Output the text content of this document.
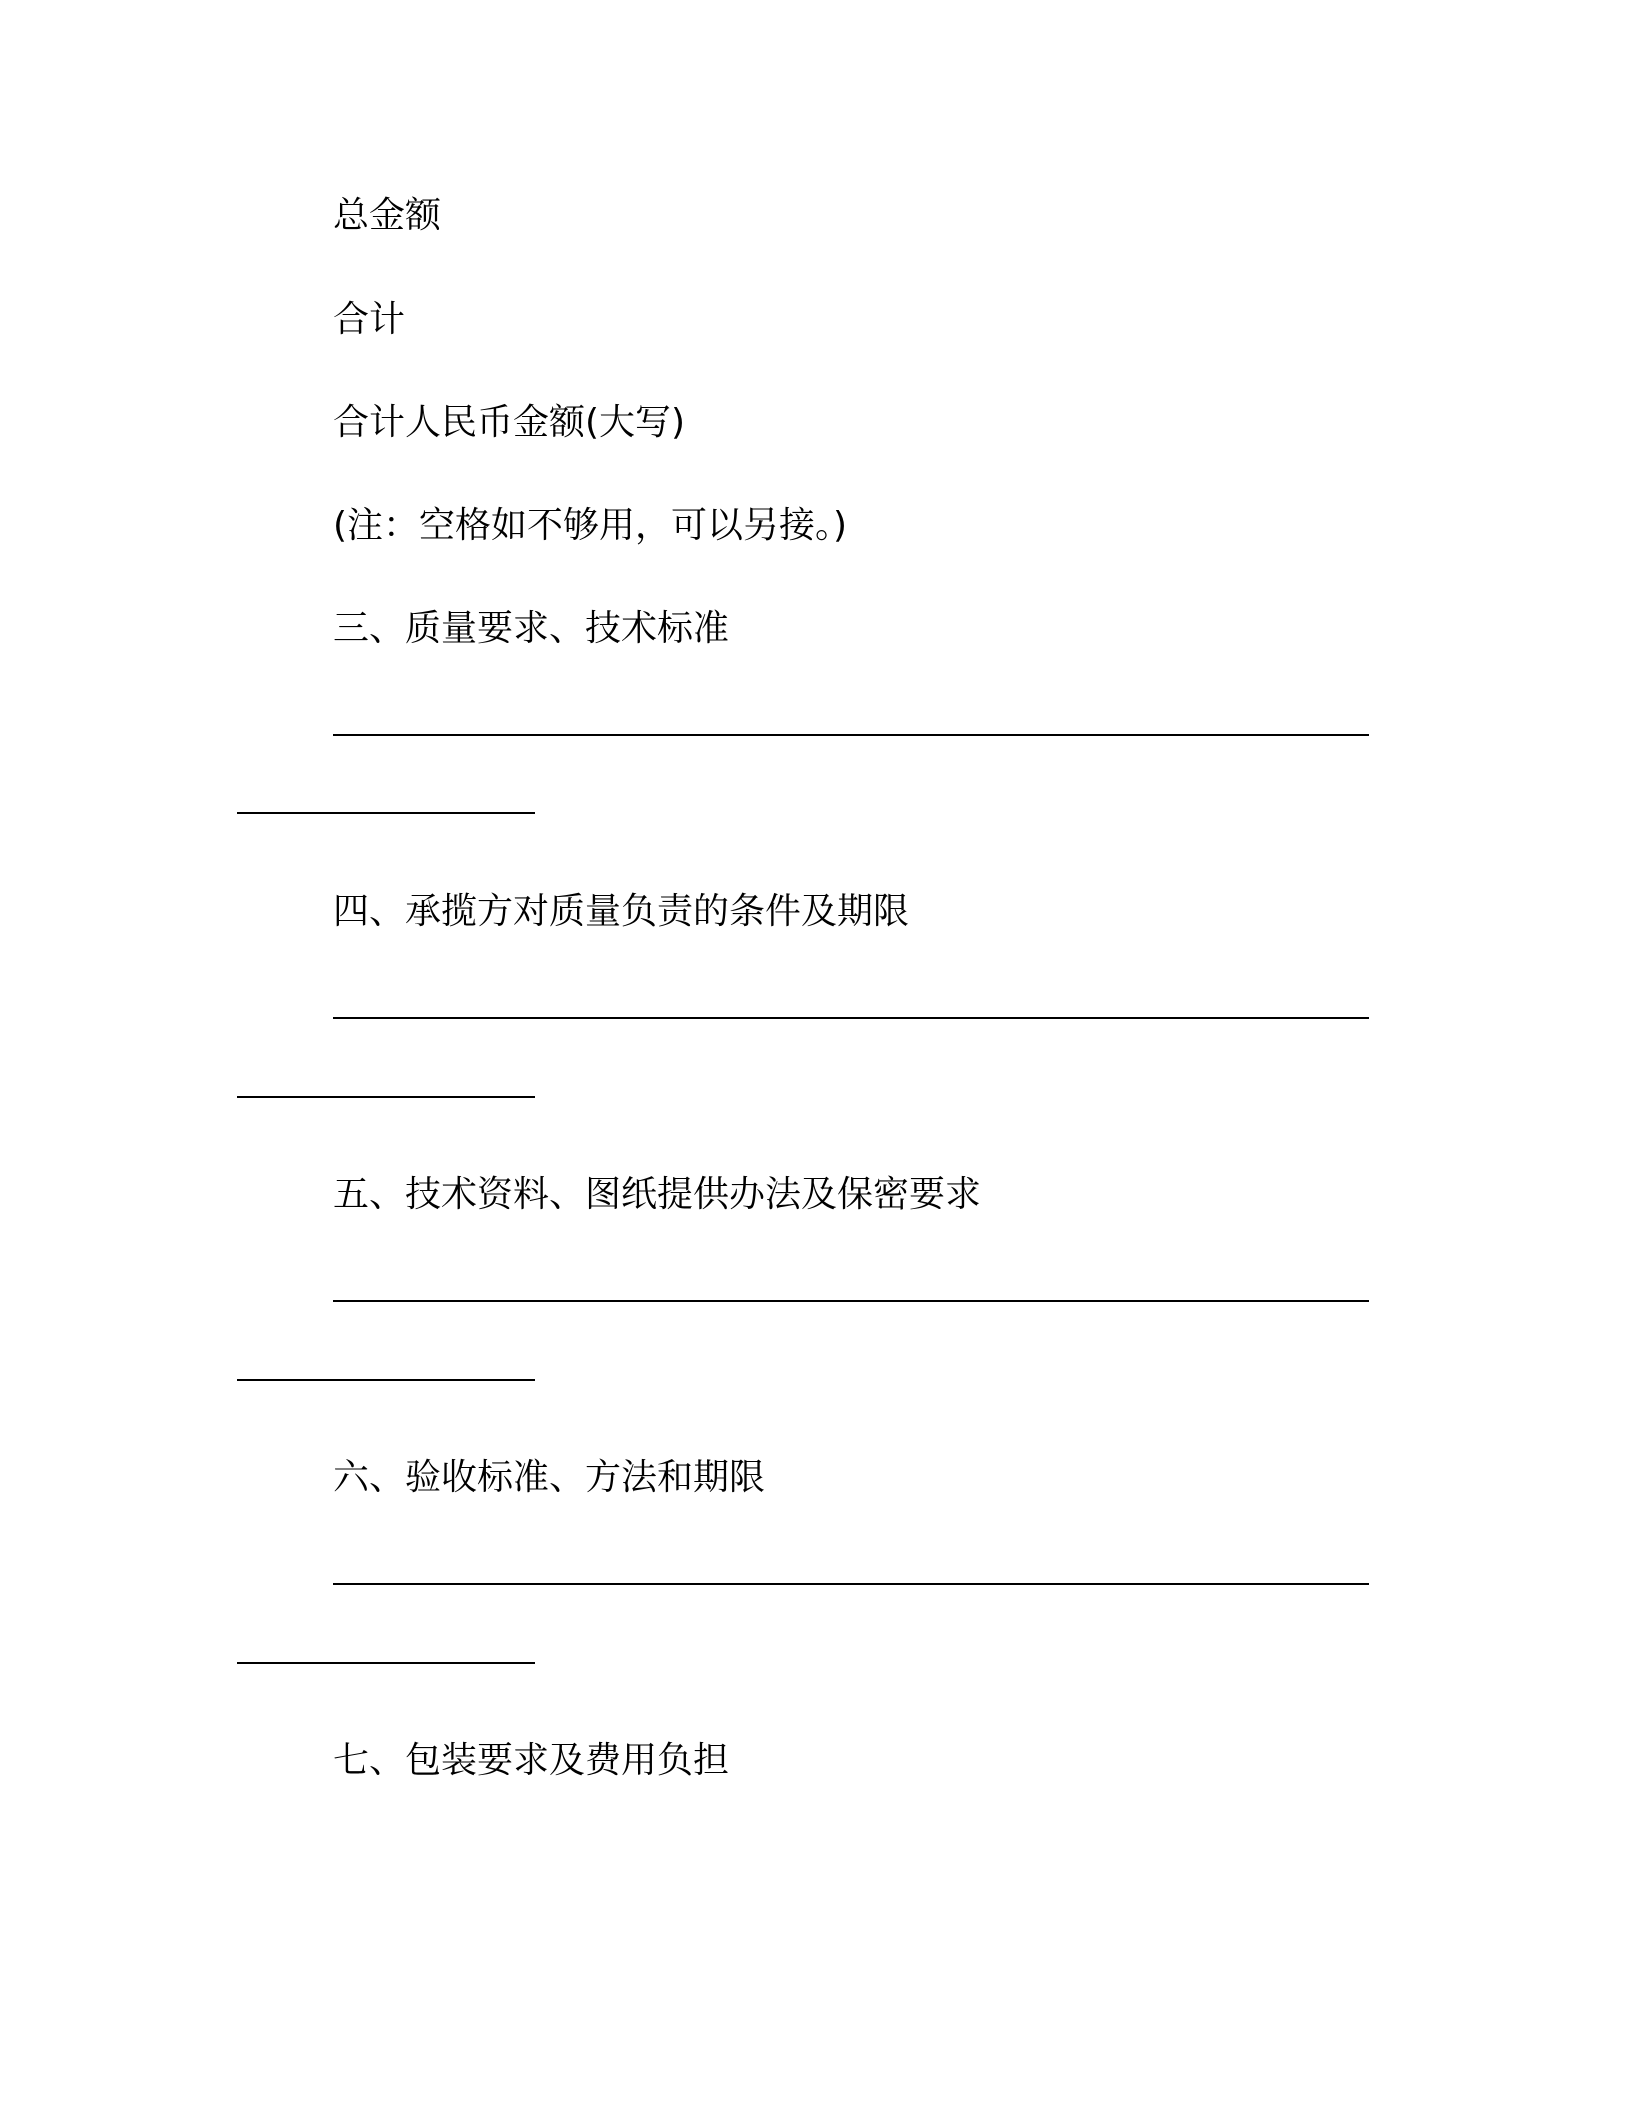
总金额
合计
合计人民币金额(大写)
(注：空格如不够用，可以另接。)
三、质量要求、技术标准
四、承揽方对质量负责的条件及期限
五、技术资料、图纸提供办法及保密要求
六、验收标准、方法和期限
七、包装要求及费用负担
